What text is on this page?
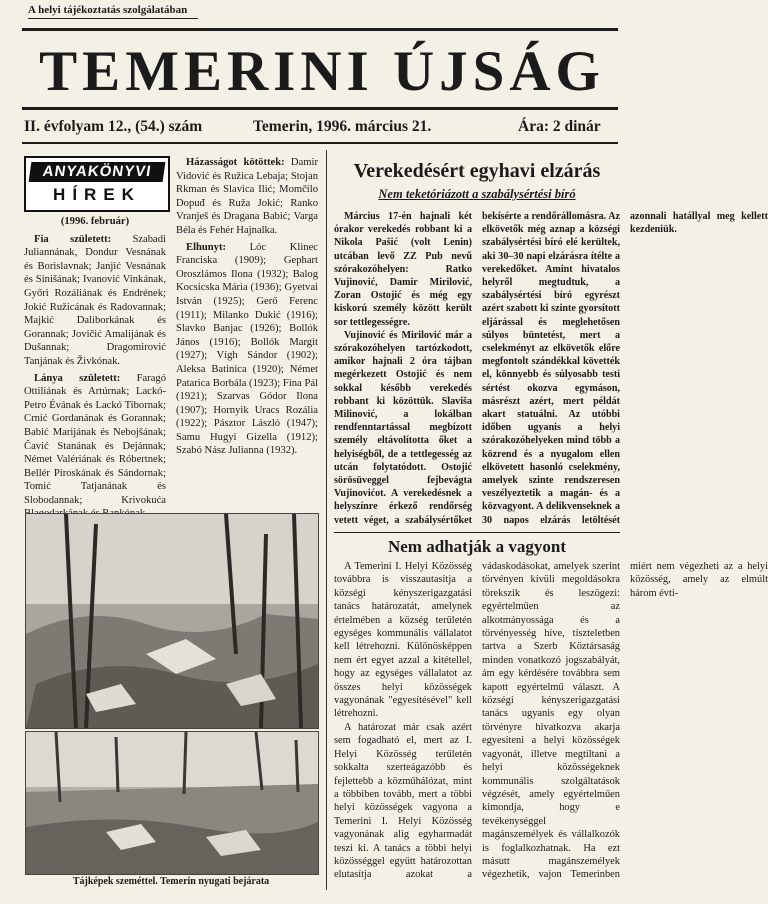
A helyi tájékoztatás szolgálatában
TEMERINI ÚJSÁG
II. évfolyam 12., (54.) szám	Temerin, 1996. március 21.	Ára: 2 dinár
ANYAKÖNYVI
HÍREK

(1996. február)

Fia született: Szabadi Juliannának, Dondur Vesnának és Borislavnak; Janjić Vesnának és Sinišának; Ivanović Vinkának, Győri Rozáliának és Endrének; Jokić Ružicának és Radovannak; Majkić Daliborkának és Gorannak; Jovičić Amalijának és Dušannak; Dragomirović Tanjának és Živkónak.

Lánya született: Faragó Ottiliának és Artúrnak; Lackó-Petro Évának és Lackó Tibornak; Crnić Gordanának és Gorannak; Babić Marijának és Nebojšának; Čavić Stanának és Dejánnak; Német Valériának és Róbertnek; Bellér Piroskának és Sándornak; Tomić Tatjanának és Slobodannak; Krivokuća

Házasságot kötöttek: Damir Vidović és Ružica Lebaja; Stojan Rkman és Slavica Ilić; Momčilo Dopuđ és Ruža Jokić; Ranko Vranješ és Dragana Babić; Varga Béla és Fehér Hajnalka.

Elhunyt: Lóc Klinec Franciska (1909); Gephart Oroszlámos Ilona (1932); Balog Kocsicska Mária (1936); Gyetvai István (1925); Gerő Ferenc (1911); Milanko Dukić (1916); Slavko Banjac (1926); Bollók János (1916); Bollók Margit (1927); Vígh Sándor (1902); Aleksa Batinica (1920); Német Patarica Borbála (1923); Fina Pál (1921); Szarvas Gódor Ilona (1907); Hornyik Uracs Rozália (1922); Pásztor László (1947); Samu Hugyi Gizella (1912); Szabó Nász Julianna (1932).

Tájképek szeméttel. Temerin nyugati bejárata
Verekedésért egyhavi elzárás
Nem teketóriázott a szabálysértési bíró

Március 17-én hajnali két órakor verekedés robbant ki a Nikola Pašić (volt Lenin) utcában levő ZZ Pub nevű szórakozóhelyen: Ratko Vujinović, Damir Mirilović, Zoran Ostojić és még egy kiskorú személy között került sor tettlegességre.

Vujinović és Mirilović már a szórakozóhelyen tartózkodott, amikor hajnali 2 óra tájban megérkezett Ostojić és nem sokkal később verekedés robbant ki közöttük. Slaviša Milinović, a lokálban rendfenntartással megbízott személy eltávolította őket a helyiségből, de a tettlegesség az utcán folytatódott. Ostojić sörösüveggel fejbevágta Vujinovićot. A verekedésnek a helyszínre érkező rendőrség vetett véget, a szabálysértőket bekísérte a rendőrállomásra. Az elkövetők még aznap a községi szabálysértési bíró elé kerültek, aki 30–30 napi elzárásra ítélte a verekedőket. Amint hivatalos helyről megtudtuk, a szabálysértési bíró egyrészt azért szabott ki szinte gyorsított eljárással és meglehetősen súlyos büntetést, mert a cselekményt az elkövetők előre megfontolt szándékkal követték el, könnyebb és súlyosabb testi sértést okozva egymáson, másrészt azért, mert példát akart statuálni. Az utóbbi időben ugyanis a helyi szórakozóhelyeken mind több a közrend és a nyugalom ellen elkövetett hasonló cselekmény, amelyek szinte rendszeresen veszélyeztetik a magán- és a közvagyont. A delikvenseknek a 30 napos elzárás letöltését azonnali hatállyal meg kellett kezdeniük.

Nem adhatják a vagyont

A Temerini I. Helyi Közösség továbbra is visszautasítja a községi kényszerigazgatási tanács határozatát, amelynek értelmében a község területén egységes kommunális vállalatot kell létrehozni. Különösképpen nem ért egyet azzal a kitétellel, hogy az egységes vállalatot az összes helyi közösségek vagyonának "egyesítésével" kell létrehozni.

A határozat már csak azért sem fogadható el, mert az I. Helyi Közösség területén sokkalta szerteágazóbb és fejlettebb a közműhálózat, mint a többiben tovább, mert a többi helyi közösségek vagyona a Temerini I. Helyi Közösség vagyonának alig egyharmadát teszi ki. A tanács a többi helyi közösséggel együtt határozottan elutasítja azokat a vádaskodásokat, amelyek szerint törvényen kívüli megoldásokra törekszik és leszögezi: egyértelműen az alkotmányossága és a törvényesség híve, tiszteletben tartva a Szerb Köztársaság minden vonatkozó jogszabályát, ám egy kérdésére továbbra sem kapott egyértelmű választ. A községi kényszerigazgatási tanács ugyanis egy olyan törvényre hivatkozva akarja egyesíteni a helyi közösségek vagyonát, illetve megtiltani a helyi közösségeknek kommunális szolgáltatások végzését, amely egyértelműen kimondja, hogy e tevékenységgel magánszemélyek és vállalkozók is foglalkozhatnak. Ha ezt másutt magánszemélyek végezhetik, vajon Temerinben miért nem végezheti az a helyi közösség, amely az elmúlt három évti-
